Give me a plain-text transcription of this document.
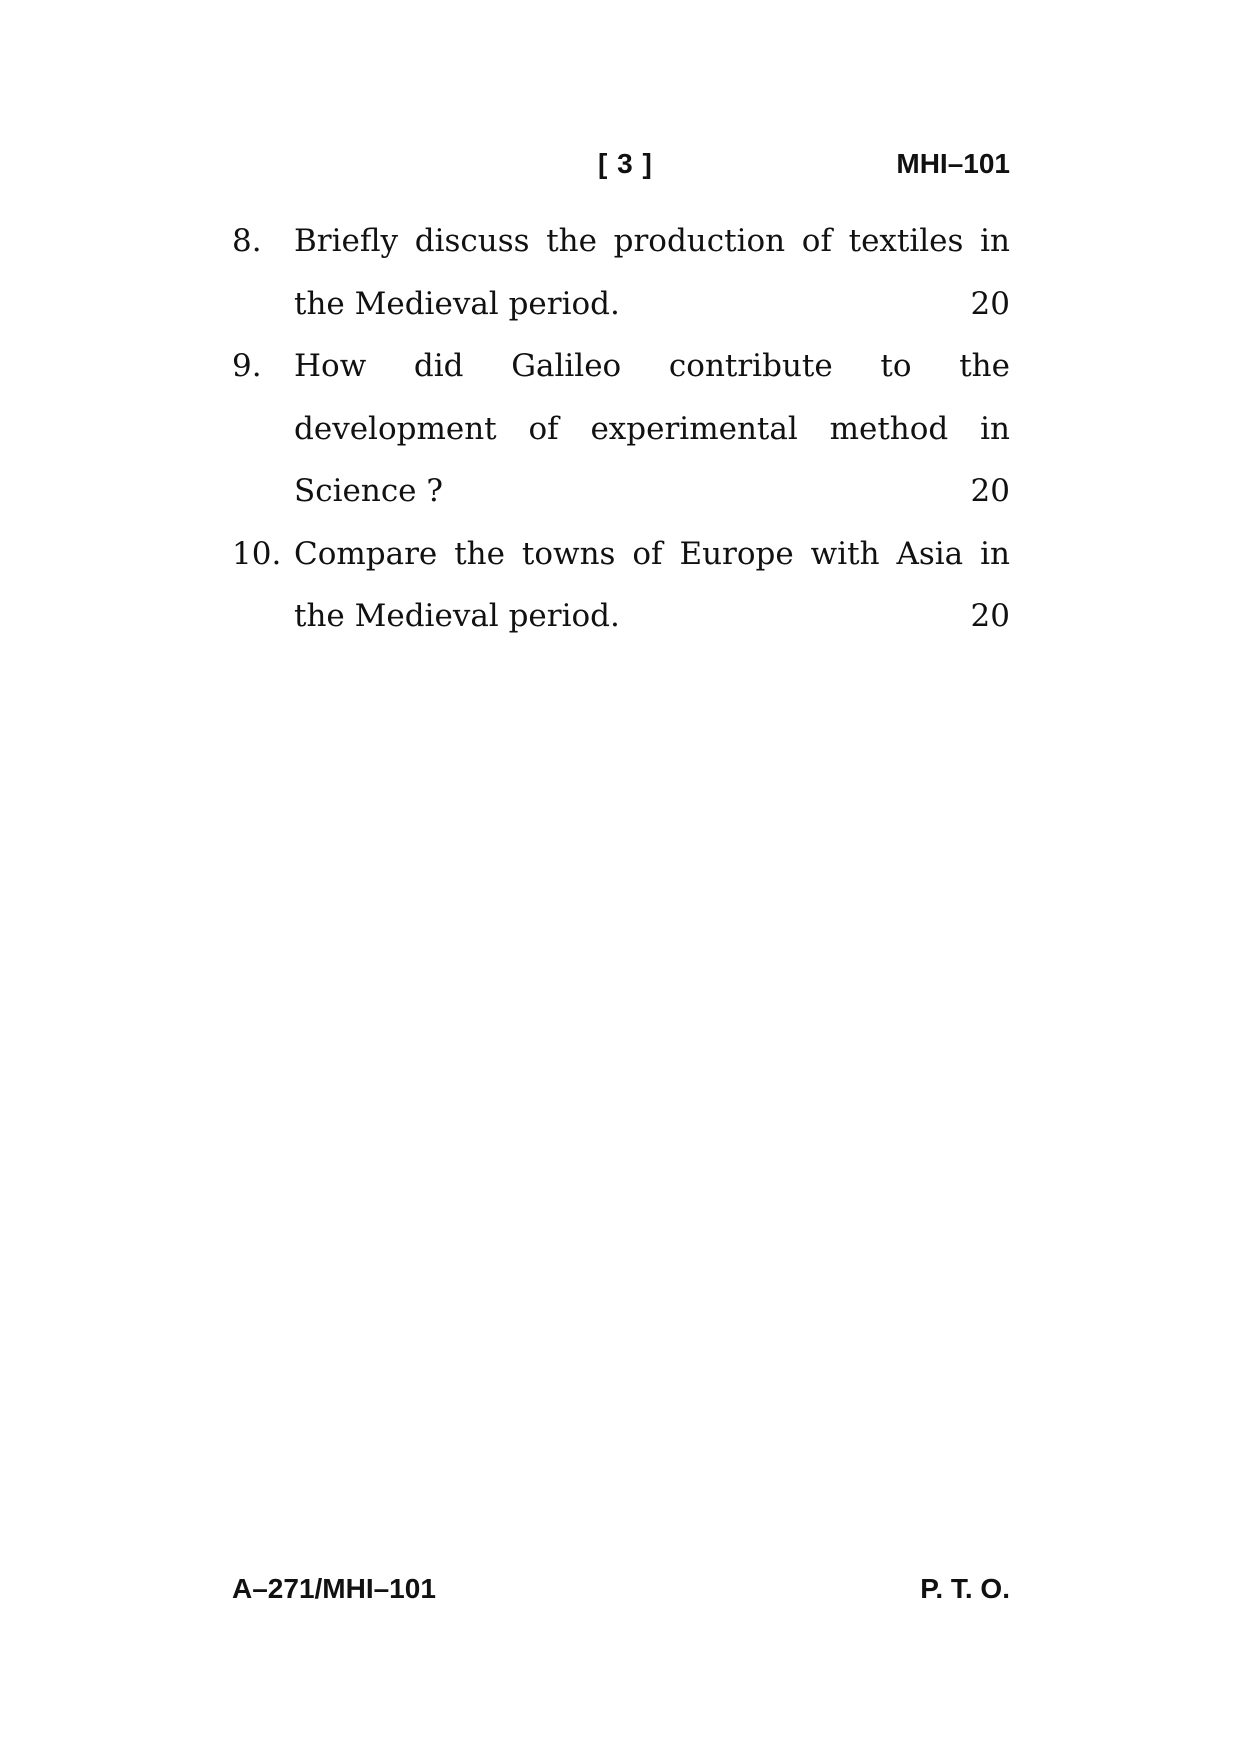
[ 3 ]	MHI–101
8. Briefly discuss the production of textiles in the Medieval period.	20
9. How did Galileo contribute to the development of experimental method in Science ?	20
10. Compare the towns of Europe with Asia in the Medieval period.	20
A–271/MHI–101	P. T. O.
